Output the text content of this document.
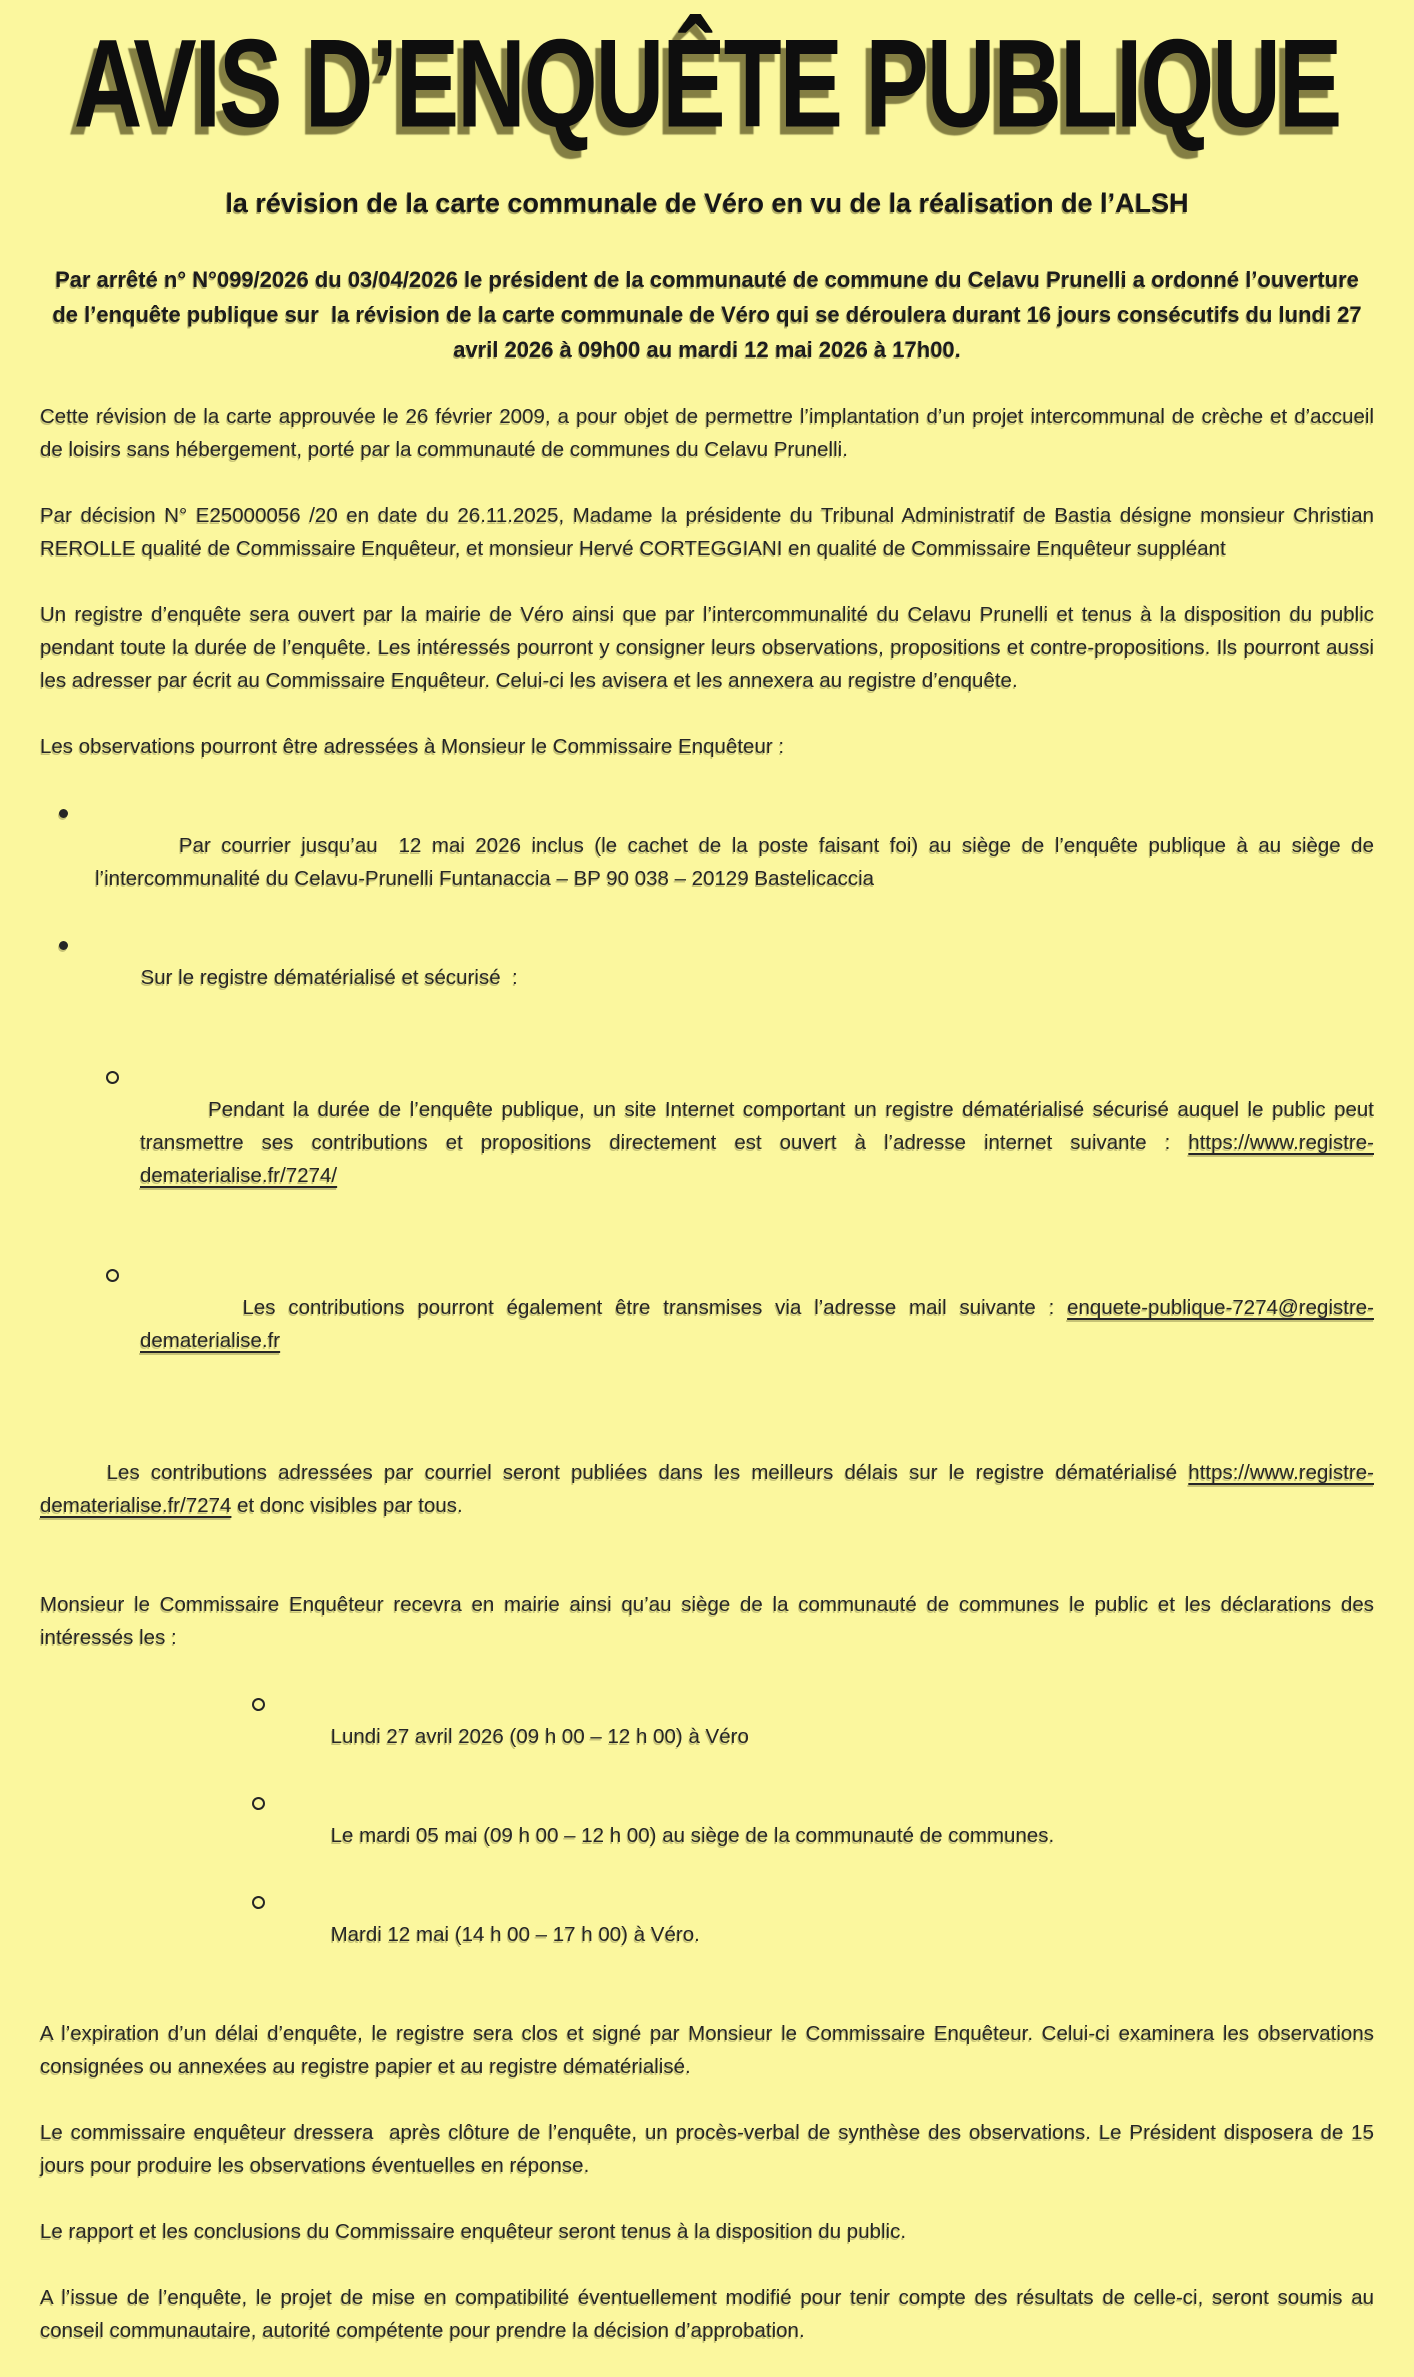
AVIS D’ENQUÊTE PUBLIQUE
la révision de la carte communale de Véro en vu de la réalisation de l’ALSH

Par arrêté n° N°099/2026 du 03/04/2026 le président de la communauté de commune du Celavu Prunelli a ordonné l’ouverture de l’enquête publique sur  la révision de la carte communale de Véro qui se déroulera durant 16 jours consécutifs du lundi 27 avril 2026 à 09h00 au mardi 12 mai 2026 à 17h00.

Cette révision de la carte approuvée le 26 février 2009, a pour objet de permettre l’implantation d’un projet intercommunal de crèche et d’accueil de loisirs sans hébergement, porté par la communauté de communes du Celavu Prunelli.

Par décision N° E25000056 /20 en date du 26.11.2025, Madame la présidente du Tribunal Administratif de Bastia désigne monsieur Christian REROLLE qualité de Commissaire Enquêteur, et monsieur Hervé CORTEGGIANI en qualité de Commissaire Enquêteur suppléant

Un registre d’enquête sera ouvert par la mairie de Véro ainsi que par l’intercommunalité du Celavu Prunelli et tenus à la disposition du public pendant toute la durée de l’enquête. Les intéressés pourront y consigner leurs observations, propositions et contre-propositions. Ils pourront aussi les adresser par écrit au Commissaire Enquêteur. Celui-ci les avisera et les annexera au registre d’enquête.

Les observations pourront être adressées à Monsieur le Commissaire Enquêteur :

Par courrier jusqu’au  12 mai 2026 inclus (le cachet de la poste faisant foi) au siège de l’enquête publique à au siège de l’intercommunalité du Celavu-Prunelli Funtanaccia – BP 90 038 – 20129 Bastelicaccia

Sur le registre dématérialisé et sécurisé  :

Pendant la durée de l’enquête publique, un site Internet comportant un registre dématérialisé sécurisé auquel le public peut transmettre ses contributions et propositions directement est ouvert à l’adresse internet suivante : https://www.registre-dematerialise.fr/7274/

Les contributions pourront également être transmises via l’adresse mail suivante : enquete-publique-7274@registre-dematerialise.fr

Les contributions adressées par courriel seront publiées dans les meilleurs délais sur le registre dématérialisé https://www.registre-dematerialise.fr/7274 et donc visibles par tous.

Monsieur le Commissaire Enquêteur recevra en mairie ainsi qu’au siège de la communauté de communes le public et les déclarations des intéressés les :

Lundi 27 avril 2026 (09 h 00 – 12 h 00) à Véro

Le mardi 05 mai (09 h 00 – 12 h 00) au siège de la communauté de communes.

Mardi 12 mai (14 h 00 – 17 h 00) à Véro.

A l’expiration d’un délai d’enquête, le registre sera clos et signé par Monsieur le Commissaire Enquêteur. Celui-ci examinera les observations consignées ou annexées au registre papier et au registre dématérialisé.

Le commissaire enquêteur dressera  après clôture de l’enquête, un procès-verbal de synthèse des observations. Le Président disposera de 15 jours pour produire les observations éventuelles en réponse.

Le rapport et les conclusions du Commissaire enquêteur seront tenus à la disposition du public.

A l’issue de l’enquête, le projet de mise en compatibilité éventuellement modifié pour tenir compte des résultats de celle-ci, seront soumis au conseil communautaire, autorité compétente pour prendre la décision d’approbation.
